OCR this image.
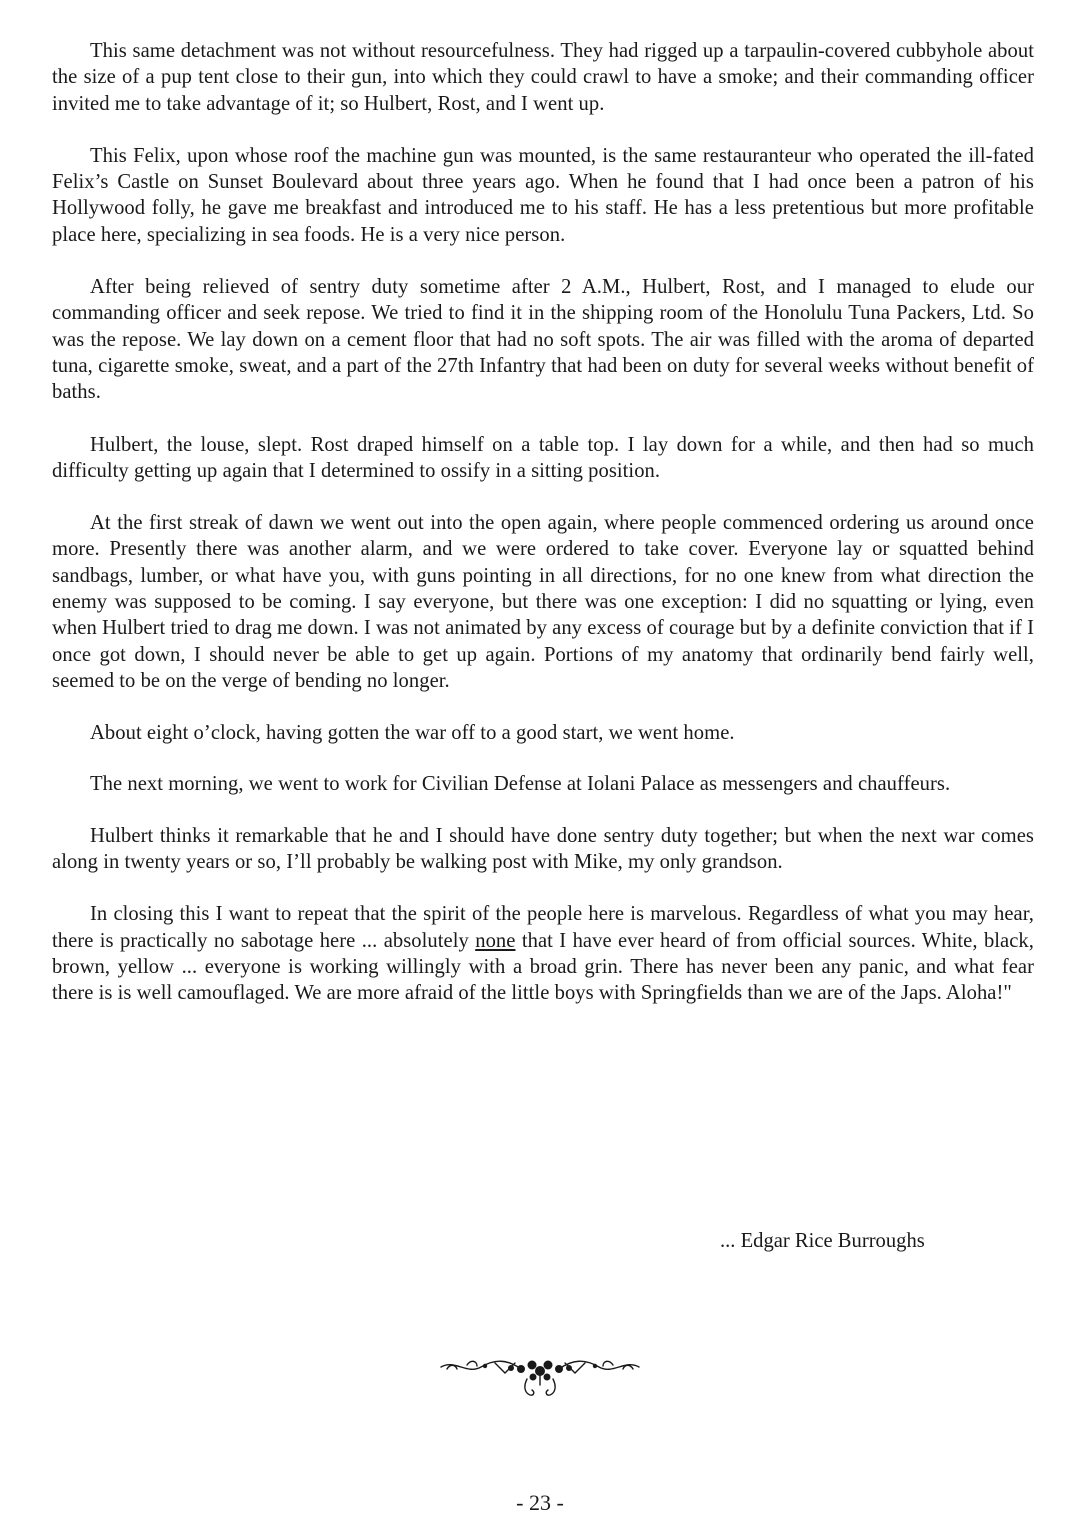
This same detachment was not without resourcefulness. They had rigged up a tarpaulin-covered cubbyhole about the size of a pup tent close to their gun, into which they could crawl to have a smoke; and their commanding officer invited me to take advantage of it; so Hulbert, Rost, and I went up.

This Felix, upon whose roof the machine gun was mounted, is the same restauranteur who operated the ill-fated Felix’s Castle on Sunset Boulevard about three years ago. When he found that I had once been a patron of his Hollywood folly, he gave me breakfast and introduced me to his staff. He has a less pretentious but more profitable place here, specializing in sea foods. He is a very nice person.

After being relieved of sentry duty sometime after 2 A.M., Hulbert, Rost, and I managed to elude our commanding officer and seek repose. We tried to find it in the shipping room of the Honolulu Tuna Packers, Ltd. So was the repose. We lay down on a cement floor that had no soft spots. The air was filled with the aroma of departed tuna, cigarette smoke, sweat, and a part of the 27th Infantry that had been on duty for several weeks without benefit of baths.

Hulbert, the louse, slept. Rost draped himself on a table top. I lay down for a while, and then had so much difficulty getting up again that I determined to ossify in a sitting position.

At the first streak of dawn we went out into the open again, where people commenced ordering us around once more. Presently there was another alarm, and we were ordered to take cover. Everyone lay or squatted behind sandbags, lumber, or what have you, with guns pointing in all directions, for no one knew from what direction the enemy was supposed to be coming. I say everyone, but there was one exception: I did no squatting or lying, even when Hulbert tried to drag me down. I was not animated by any excess of courage but by a definite conviction that if I once got down, I should never be able to get up again. Portions of my anatomy that ordinarily bend fairly well, seemed to be on the verge of bending no longer.

About eight o’clock, having gotten the war off to a good start, we went home.

The next morning, we went to work for Civilian Defense at Iolani Palace as messengers and chauffeurs.

Hulbert thinks it remarkable that he and I should have done sentry duty together; but when the next war comes along in twenty years or so, I’ll probably be walking post with Mike, my only grandson.

In closing this I want to repeat that the spirit of the people here is marvelous. Regardless of what you may hear, there is practically no sabotage here ... absolutely none that I have ever heard of from official sources. White, black, brown, yellow ... everyone is working willingly with a broad grin. There has never been any panic, and what fear there is is well camouflaged. We are more afraid of the little boys with Springfields than we are of the Japs. Aloha!"

... Edgar Rice Burroughs
- 23 -
